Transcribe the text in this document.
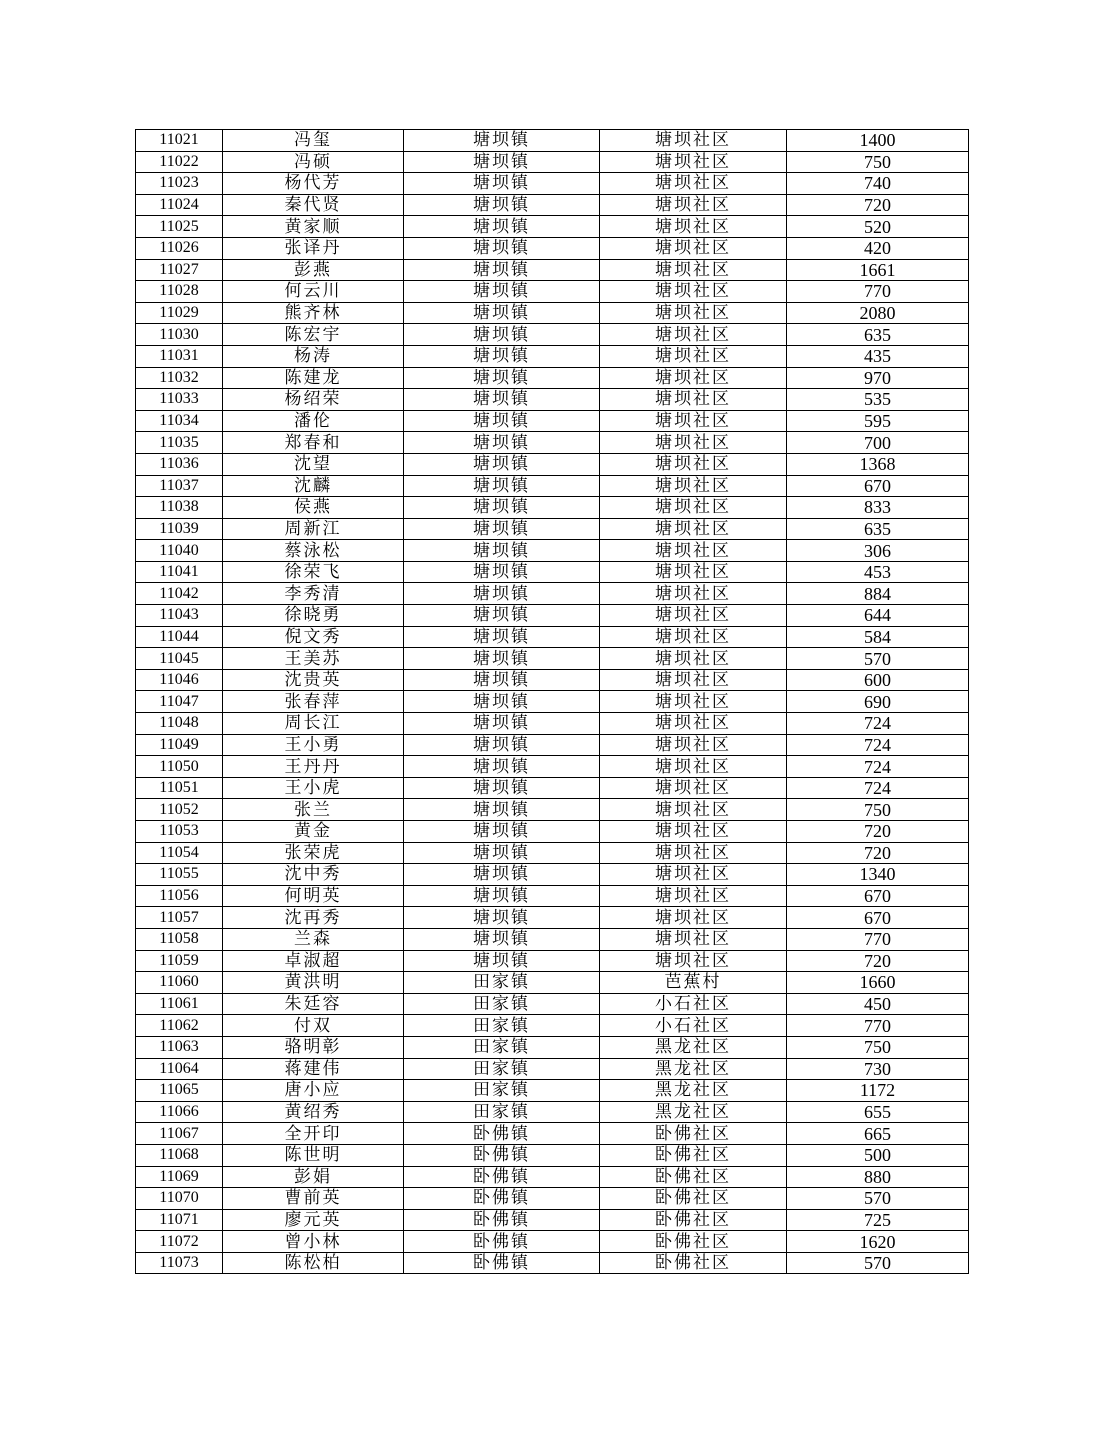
11021	冯玺	塘坝镇	塘坝社区	1400
11022	冯硕	塘坝镇	塘坝社区	750
11023	杨代芳	塘坝镇	塘坝社区	740
11024	秦代贤	塘坝镇	塘坝社区	720
11025	黄家顺	塘坝镇	塘坝社区	520
11026	张译丹	塘坝镇	塘坝社区	420
11027	彭燕	塘坝镇	塘坝社区	1661
11028	何云川	塘坝镇	塘坝社区	770
11029	熊齐林	塘坝镇	塘坝社区	2080
11030	陈宏宇	塘坝镇	塘坝社区	635
11031	杨涛	塘坝镇	塘坝社区	435
11032	陈建龙	塘坝镇	塘坝社区	970
11033	杨绍荣	塘坝镇	塘坝社区	535
11034	潘伦	塘坝镇	塘坝社区	595
11035	郑春和	塘坝镇	塘坝社区	700
11036	沈望	塘坝镇	塘坝社区	1368
11037	沈麟	塘坝镇	塘坝社区	670
11038	侯燕	塘坝镇	塘坝社区	833
11039	周新江	塘坝镇	塘坝社区	635
11040	蔡泳松	塘坝镇	塘坝社区	306
11041	徐荣飞	塘坝镇	塘坝社区	453
11042	李秀清	塘坝镇	塘坝社区	884
11043	徐晓勇	塘坝镇	塘坝社区	644
11044	倪文秀	塘坝镇	塘坝社区	584
11045	王美苏	塘坝镇	塘坝社区	570
11046	沈贵英	塘坝镇	塘坝社区	600
11047	张春萍	塘坝镇	塘坝社区	690
11048	周长江	塘坝镇	塘坝社区	724
11049	王小勇	塘坝镇	塘坝社区	724
11050	王丹丹	塘坝镇	塘坝社区	724
11051	王小虎	塘坝镇	塘坝社区	724
11052	张兰	塘坝镇	塘坝社区	750
11053	黄金	塘坝镇	塘坝社区	720
11054	张荣虎	塘坝镇	塘坝社区	720
11055	沈中秀	塘坝镇	塘坝社区	1340
11056	何明英	塘坝镇	塘坝社区	670
11057	沈再秀	塘坝镇	塘坝社区	670
11058	兰森	塘坝镇	塘坝社区	770
11059	卓淑超	塘坝镇	塘坝社区	720
11060	黄洪明	田家镇	芭蕉村	1660
11061	朱廷容	田家镇	小石社区	450
11062	付双	田家镇	小石社区	770
11063	骆明彰	田家镇	黑龙社区	750
11064	蒋建伟	田家镇	黑龙社区	730
11065	唐小应	田家镇	黑龙社区	1172
11066	黄绍秀	田家镇	黑龙社区	655
11067	全开印	卧佛镇	卧佛社区	665
11068	陈世明	卧佛镇	卧佛社区	500
11069	彭娟	卧佛镇	卧佛社区	880
11070	曹前英	卧佛镇	卧佛社区	570
11071	廖元英	卧佛镇	卧佛社区	725
11072	曾小林	卧佛镇	卧佛社区	1620
11073	陈松柏	卧佛镇	卧佛社区	570
